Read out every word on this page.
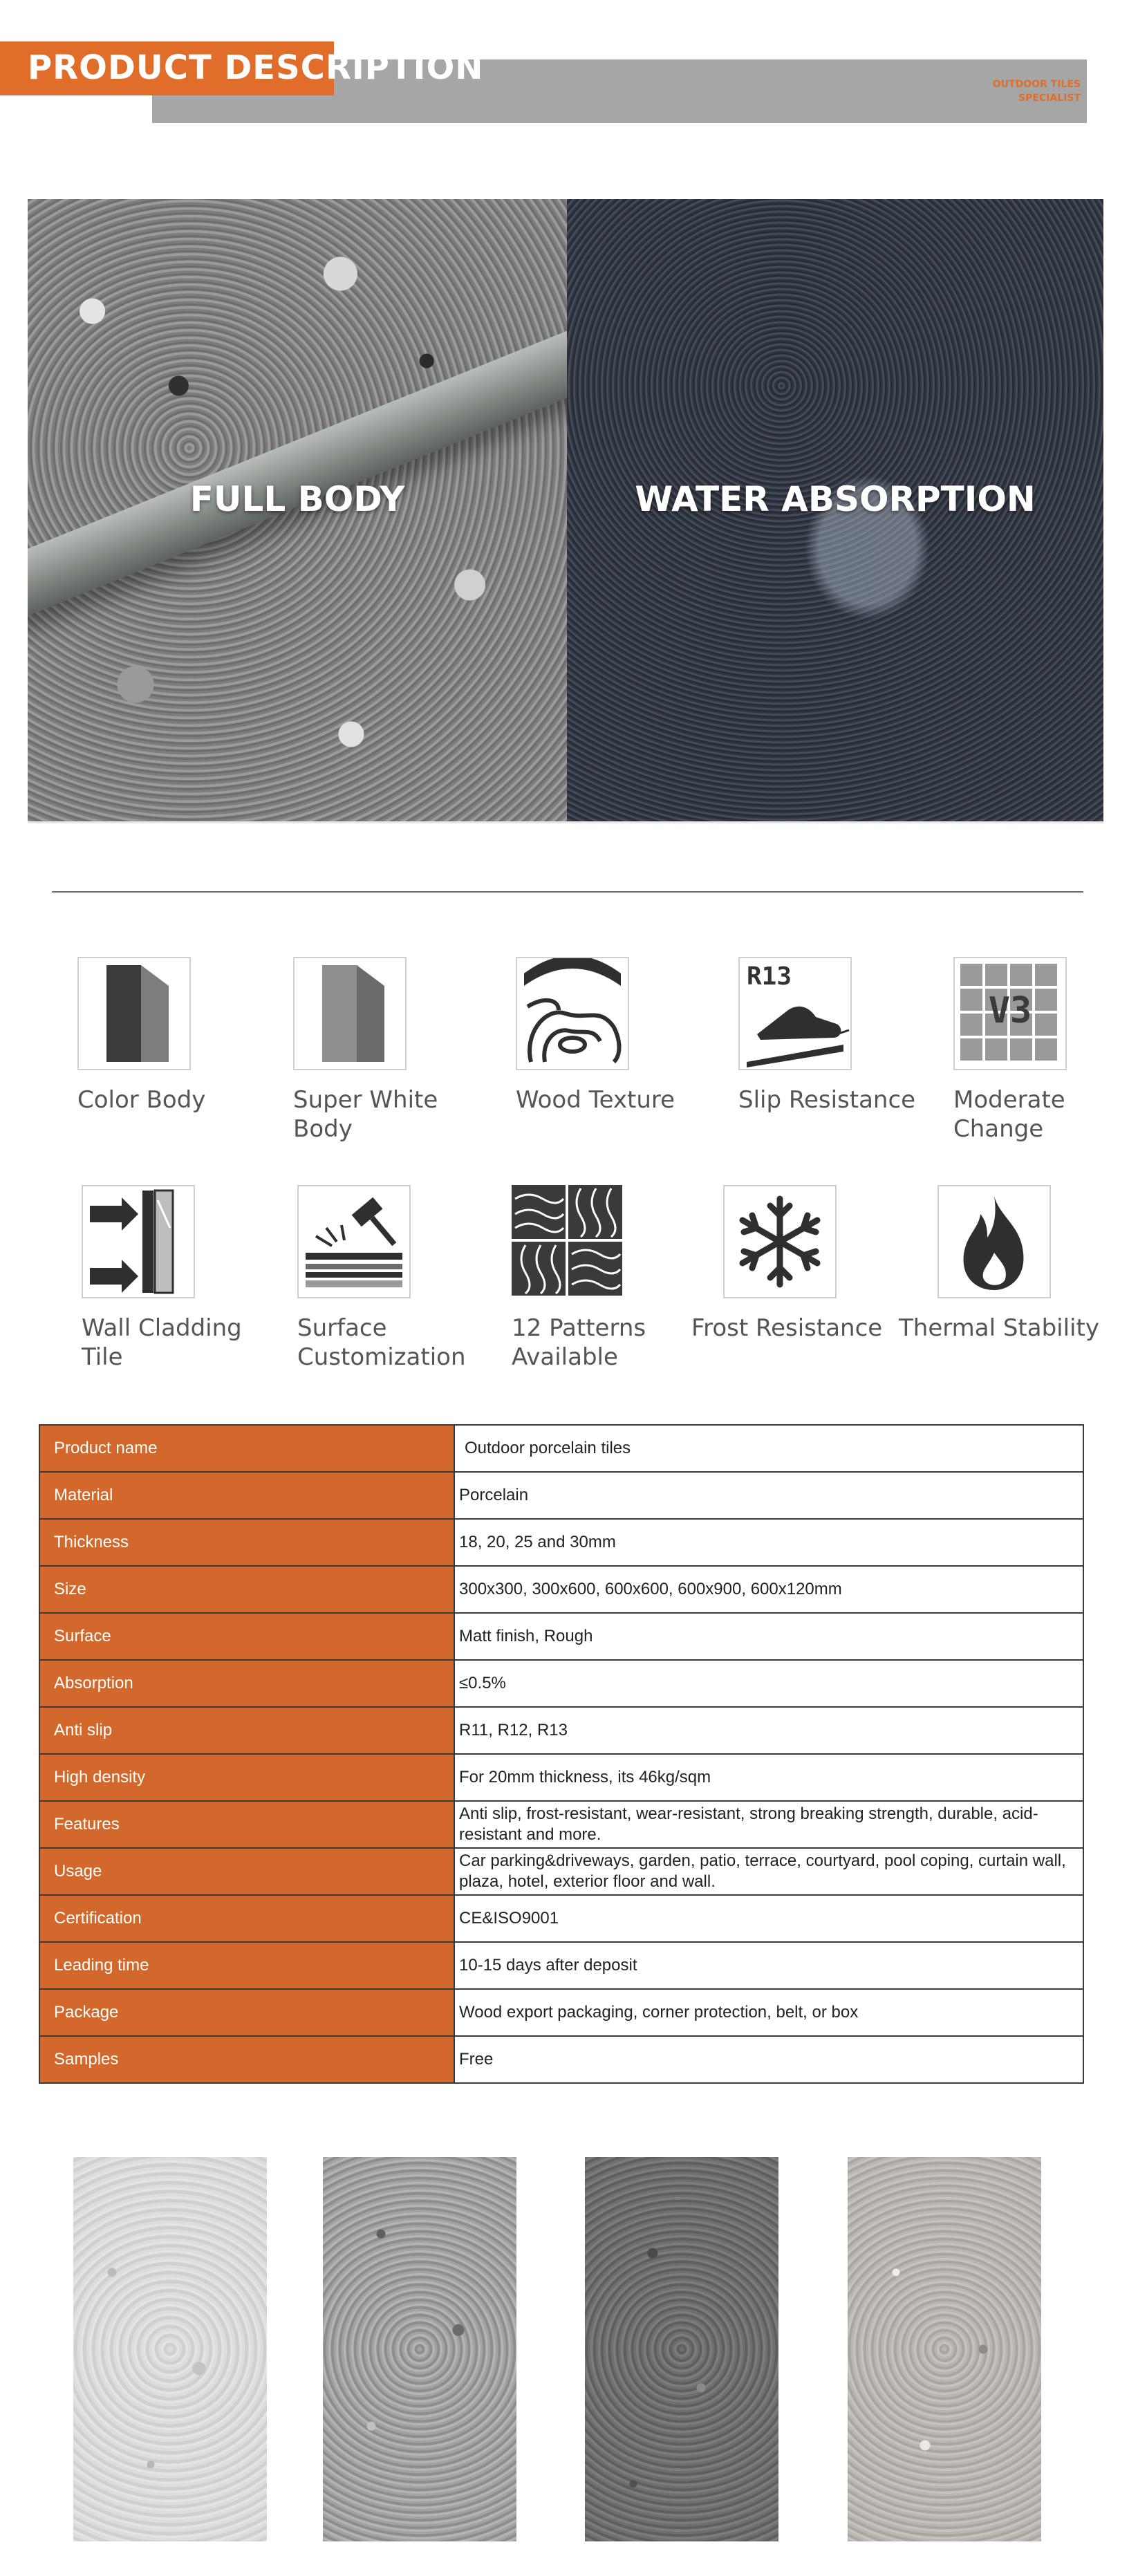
PRODUCT DESCRIPTION	OUTDOOR TILES
SPECIALIST
FULL BODY	WATER ABSORPTION
Color Body	Super White
Body
Wood Texture
R13
Slip Resistance
V3
Moderate
Change
Wall Cladding
Tile
Surface
Customization
12 Patterns
Available
Frost Resistance Thermal Stability
Product name	Outdoor porcelain tiles
Material	Porcelain
Thickness	18, 20, 25 and 30mm
Size	300x300, 300x600, 600x600, 600x900, 600x120mm
Surface	Matt finish, Rough
Absorption	≤0.5%
Anti slip	R11, R12, R13
High density	For 20mm thickness, its 46kg/sqm
Features	Anti slip, frost-resistant, wear-resistant, strong breaking strength, durable, acid-resistant and more.
Usage	Car parking&driveways, garden, patio, terrace, courtyard, pool coping, curtain wall, plaza, hotel, exterior floor and wall.
Certification	CE&ISO9001
Leading time	10-15 days after deposit
Package	Wood export packaging, corner protection, belt, or box
Samples	Free
